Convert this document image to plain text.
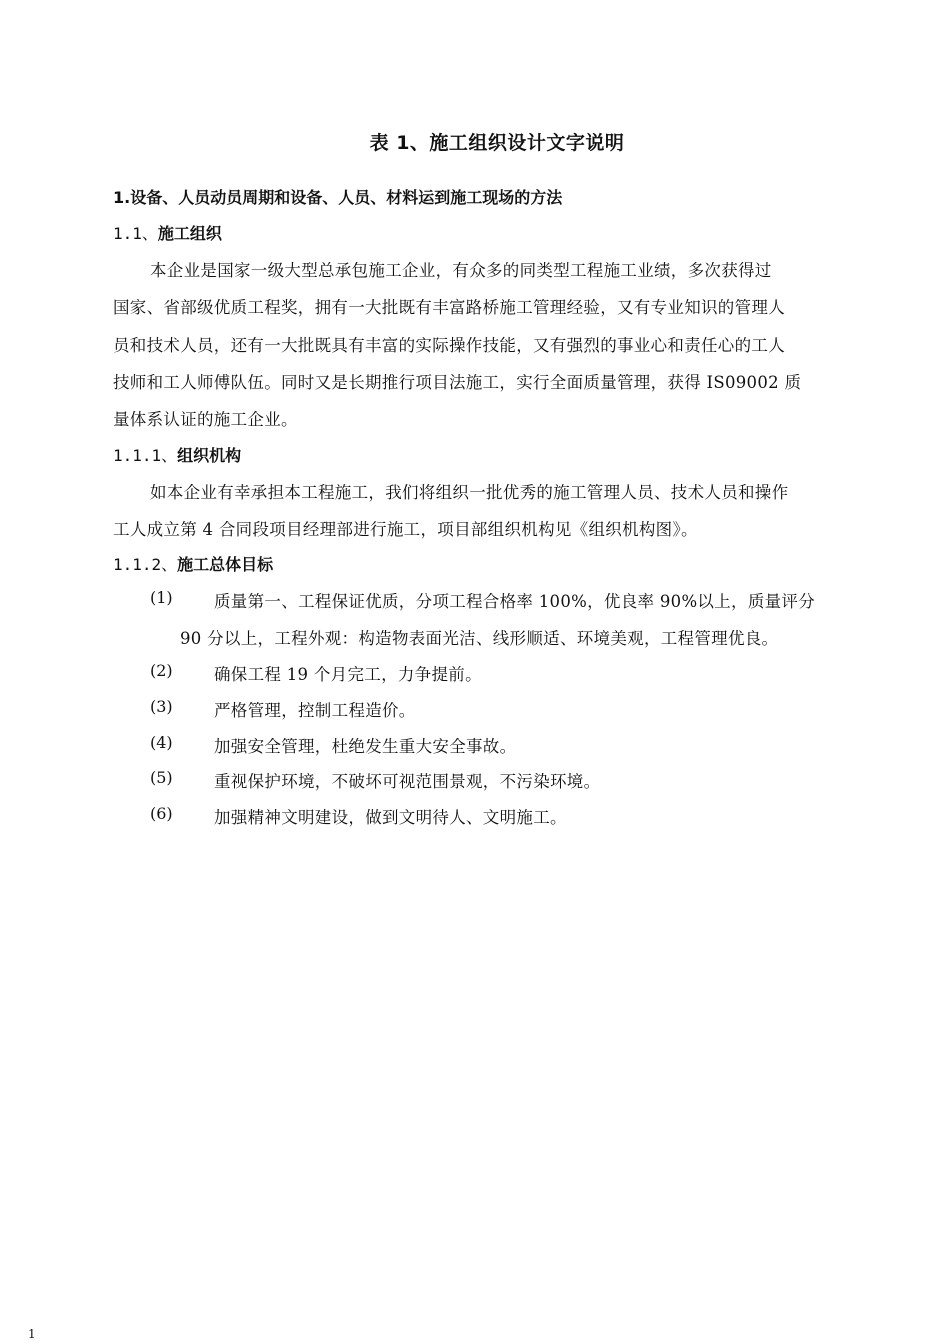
表 1、施工组织设计文字说明
1.设备、人员动员周期和设备、人员、材料运到施工现场的方法
1.1、施工组织
本企业是国家一级大型总承包施工企业，有众多的同类型工程施工业绩，多次获得过
国家、省部级优质工程奖，拥有一大批既有丰富路桥施工管理经验，又有专业知识的管理人
员和技术人员，还有一大批既具有丰富的实际操作技能，又有强烈的事业心和责任心的工人
技师和工人师傅队伍。同时又是长期推行项目法施工，实行全面质量管理，获得 IS09002 质
量体系认证的施工企业。
1.1.1、组织机构
如本企业有幸承担本工程施工，我们将组织一批优秀的施工管理人员、技术人员和操作
工人成立第 4 合同段项目经理部进行施工，项目部组织机构见《组织机构图》。
1.1.2、施工总体目标
(1)	质量第一、工程保证优质，分项工程合格率 100%，优良率 90%以上，质量评分
90 分以上，工程外观：构造物表面光洁、线形顺适、环境美观，工程管理优良。
(2)	确保工程 19 个月完工，力争提前。
(3)	严格管理，控制工程造价。
(4)	加强安全管理，杜绝发生重大安全事故。
(5)	重视保护环境，不破坏可视范围景观，不污染环境。
(6)	加强精神文明建设，做到文明待人、文明施工。
1
